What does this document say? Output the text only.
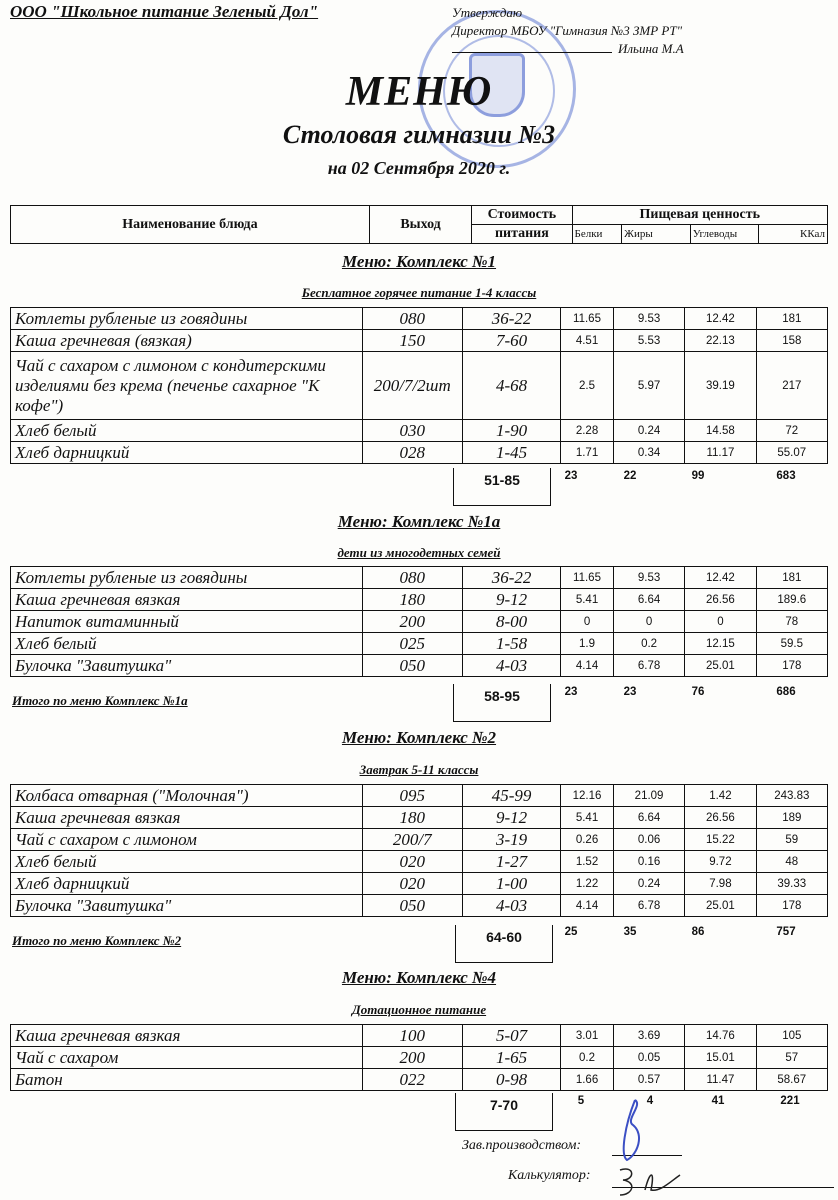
ООО "Школьное питание Зеленый Дол"	Утверждаю
Директор МБОУ "Гимназия №3 ЗМР РТ"
Ильина М.А
МЕНЮ
Столовая гимназии №3
на 02 Сентября 2020 г.
Наименование блюда	Выход	Стоимость	Пищевая ценность			
		питания	Белки	Жиры	Углеводы	ККал
Меню: Комплекс №1
Бесплатное горячее питание 1-4 классы
Котлеты рубленые из говядины	080	36-22	11.65	9.53	12.42	181
Каша гречневая (вязкая)	150	7-60	4.51	5.53	22.13	158
Чай с сахаром с лимоном с кондитерскими изделиями без крема (печенье сахарное "К кофе")	200/7/2шт	4-68	2.5	5.97	39.19	217
Хлеб белый	030	1-90	2.28	0.24	14.58	72
Хлеб дарницкий	028	1-45	1.71	0.34	11.17	55.07
51-85	23	22	99	683
Меню: Комплекс №1а
дети из многодетных семей
Котлеты рубленые из говядины	080	36-22	11.65	9.53	12.42	181
Каша гречневая вязкая	180	9-12	5.41	6.64	26.56	189.6
Напиток витаминный	200	8-00	0	0	0	78
Хлеб белый	025	1-58	1.9	0.2	12.15	59.5
Булочка "Завитушка"	050	4-03	4.14	6.78	25.01	178
Итого по меню Комплекс №1а	58-95	23	23	76	686
Меню: Комплекс №2
Завтрак 5-11 классы
Колбаса отварная ("Молочная")	095	45-99	12.16	21.09	1.42	243.83
Каша гречневая вязкая	180	9-12	5.41	6.64	26.56	189
Чай с сахаром с лимоном	200/7	3-19	0.26	0.06	15.22	59
Хлеб белый	020	1-27	1.52	0.16	9.72	48
Хлеб дарницкий	020	1-00	1.22	0.24	7.98	39.33
Булочка "Завитушка"	050	4-03	4.14	6.78	25.01	178
Итого по меню Комплекс №2	64-60	25	35	86	757
Меню: Комплекс №4
Дотационное питание
Каша гречневая вязкая	100	5-07	3.01	3.69	14.76	105
Чай с сахаром	200	1-65	0.2	0.05	15.01	57
Батон	022	0-98	1.66	0.57	11.47	58.67
7-70	5	4	41	221
Зав.производством:
Калькулятор:
